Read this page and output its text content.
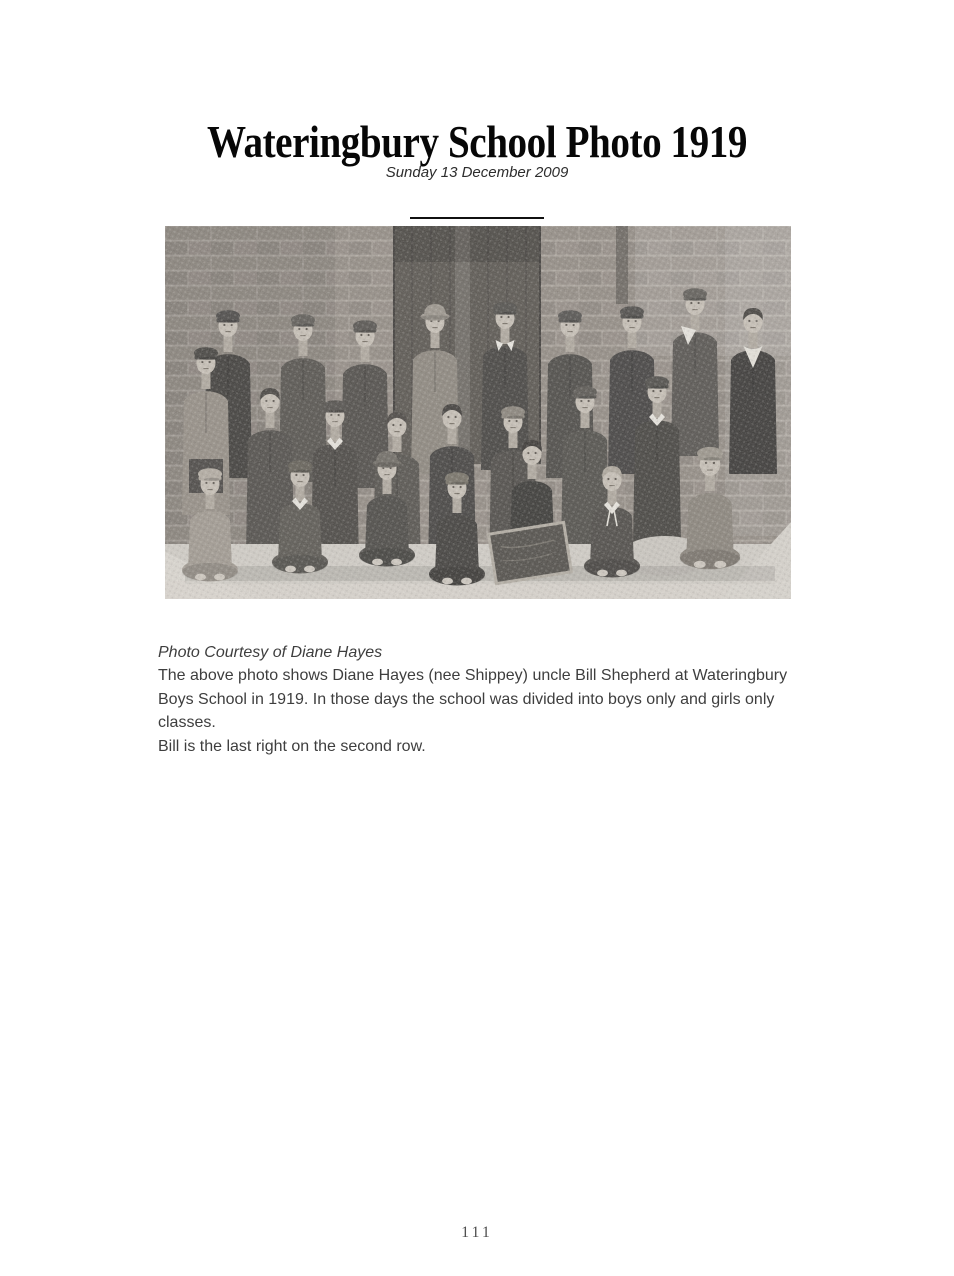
Wateringbury School Photo 1919
Sunday 13 December 2009
Photo Courtesy of Diane Hayes
The above photo shows Diane Hayes (nee Shippey) uncle Bill Shepherd at Wateringbury
Boys School in 1919. In those days the school was divided into boys only and girls only
classes.
Bill is the last right on the second row.
111
